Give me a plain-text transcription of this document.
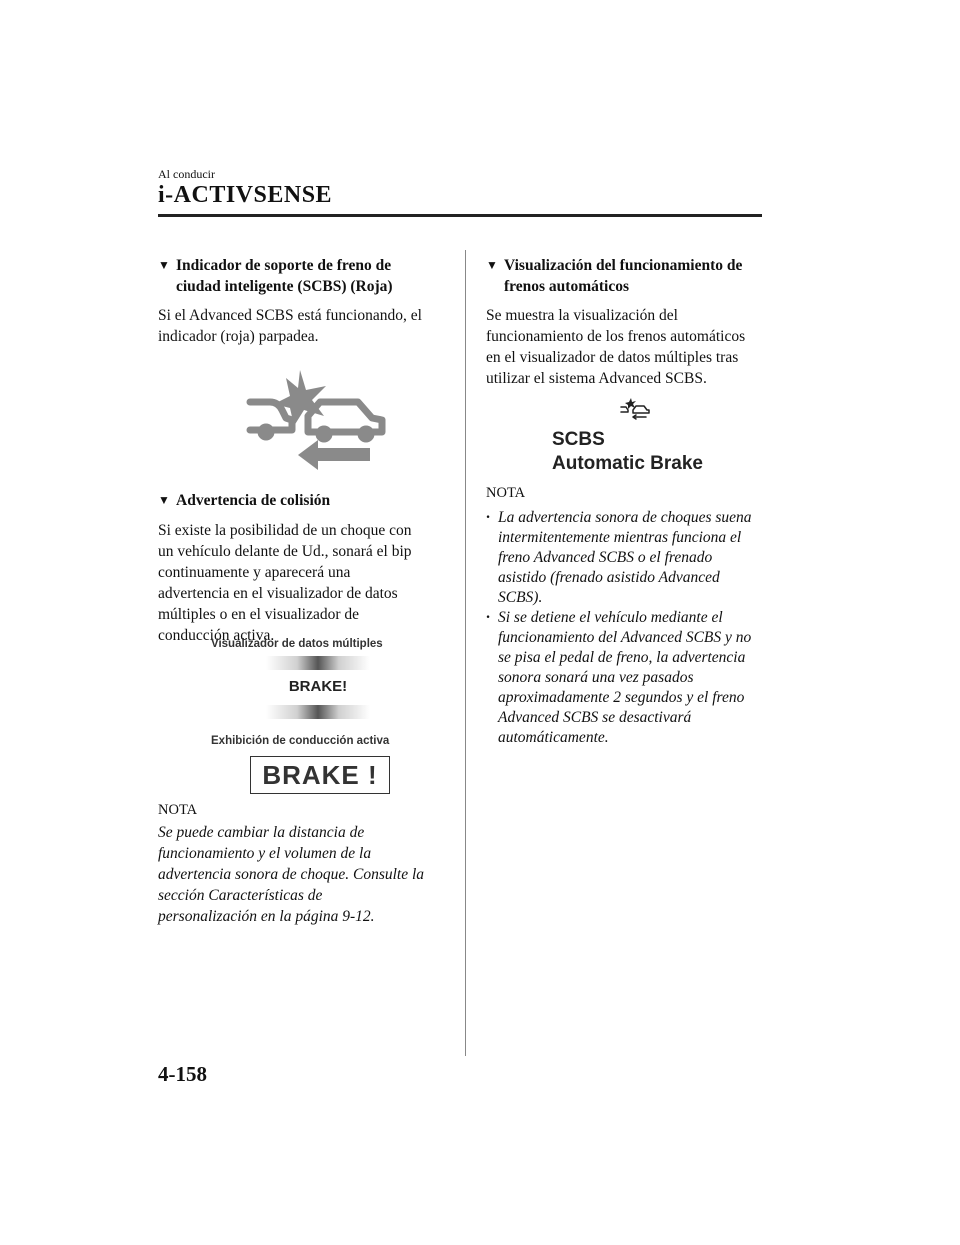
Al conducir
i-ACTIVSENSE
▼ Indicador de soporte de freno de
ciudad inteligente (SCBS) (Roja)
Si el Advanced SCBS está funcionando, el
indicador (roja) parpadea.
▼ Advertencia de colisión
Si existe la posibilidad de un choque con
un vehículo delante de Ud., sonará el bip
continuamente y aparecerá una
advertencia en el visualizador de datos
múltiples o en el visualizador de
conducción activa.
Visualizador de datos múltiples
BRAKE!
Exhibición de conducción activa
BRAKE !
NOTA
Se puede cambiar la distancia de
funcionamiento y el volumen de la
advertencia sonora de choque. Consulte la
sección Características de
personalización en la página 9-12.
▼ Visualización del funcionamiento de
frenos automáticos
Se muestra la visualización del
funcionamiento de los frenos automáticos
en el visualizador de datos múltiples tras
utilizar el sistema Advanced SCBS.
SCBS
Automatic Brake
NOTA
· La advertencia sonora de choques suena
intermitentemente mientras funciona el
freno Advanced SCBS o el frenado
asistido (frenado asistido Advanced
SCBS).
· Si se detiene el vehículo mediante el
funcionamiento del Advanced SCBS y no
se pisa el pedal de freno, la advertencia
sonora sonará una vez pasados
aproximadamente 2 segundos y el freno
Advanced SCBS se desactivará
automáticamente.
4-158
